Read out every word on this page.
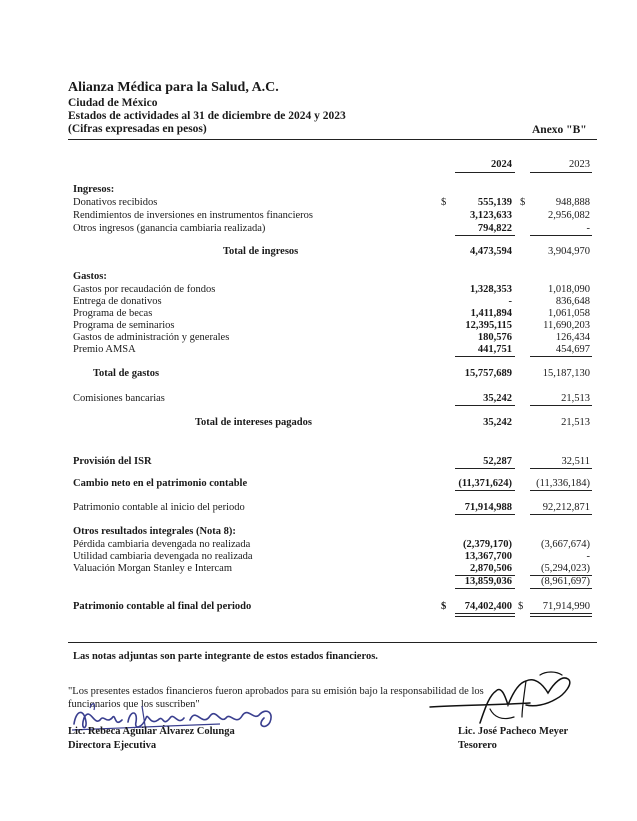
Alianza Médica para la Salud, A.C.
Ciudad de México
Estados de actividades al 31 de diciembre de 2024 y 2023
(Cifras expresadas en pesos)	Anexo "B"
2024	2023
Ingresos:
Donativos recibidos	$	555,139 $	948,888
Rendimientos de inversiones en instrumentos financieros	3,123,633	2,956,082
Otros ingresos (ganancia cambiaria realizada)	794,822	-
Total de ingresos	4,473,594	3,904,970
Gastos:
Gastos por recaudación de fondos	1,328,353	1,018,090
Entrega de donativos	-	836,648
Programa de becas	1,411,894	1,061,058
Programa de seminarios	12,395,115	11,690,203
Gastos de administración y generales	180,576	126,434
Premio AMSA	441,751	454,697
Total de gastos	15,757,689	15,187,130
Comisiones bancarias	35,242	21,513
Total de intereses pagados	35,242	21,513
Provisión del ISR	52,287	32,511
Cambio neto en el patrimonio contable	(11,371,624)	(11,336,184)
Patrimonio contable al inicio del periodo	71,914,988	92,212,871
Otros resultados integrales (Nota 8):
Pérdida cambiaria devengada no realizada	(2,379,170)	(3,667,674)
Utilidad cambiaria devengada no realizada	13,367,700	-
Valuación Morgan Stanley e Intercam	2,870,506	(5,294,023)
13,859,036	(8,961,697)
Patrimonio contable al final del periodo	$	74,402,400 $	71,914,990
Las notas adjuntas son parte integrante de estos estados financieros.
"Los presentes estados financieros fueron aprobados para su emisión bajo la responsabilidad de los
funcionarios que los suscriben"
Lic. Rebeca Aguilar Álvarez Colunga
Directora Ejecutiva
Lic. José Pacheco Meyer
Tesorero
